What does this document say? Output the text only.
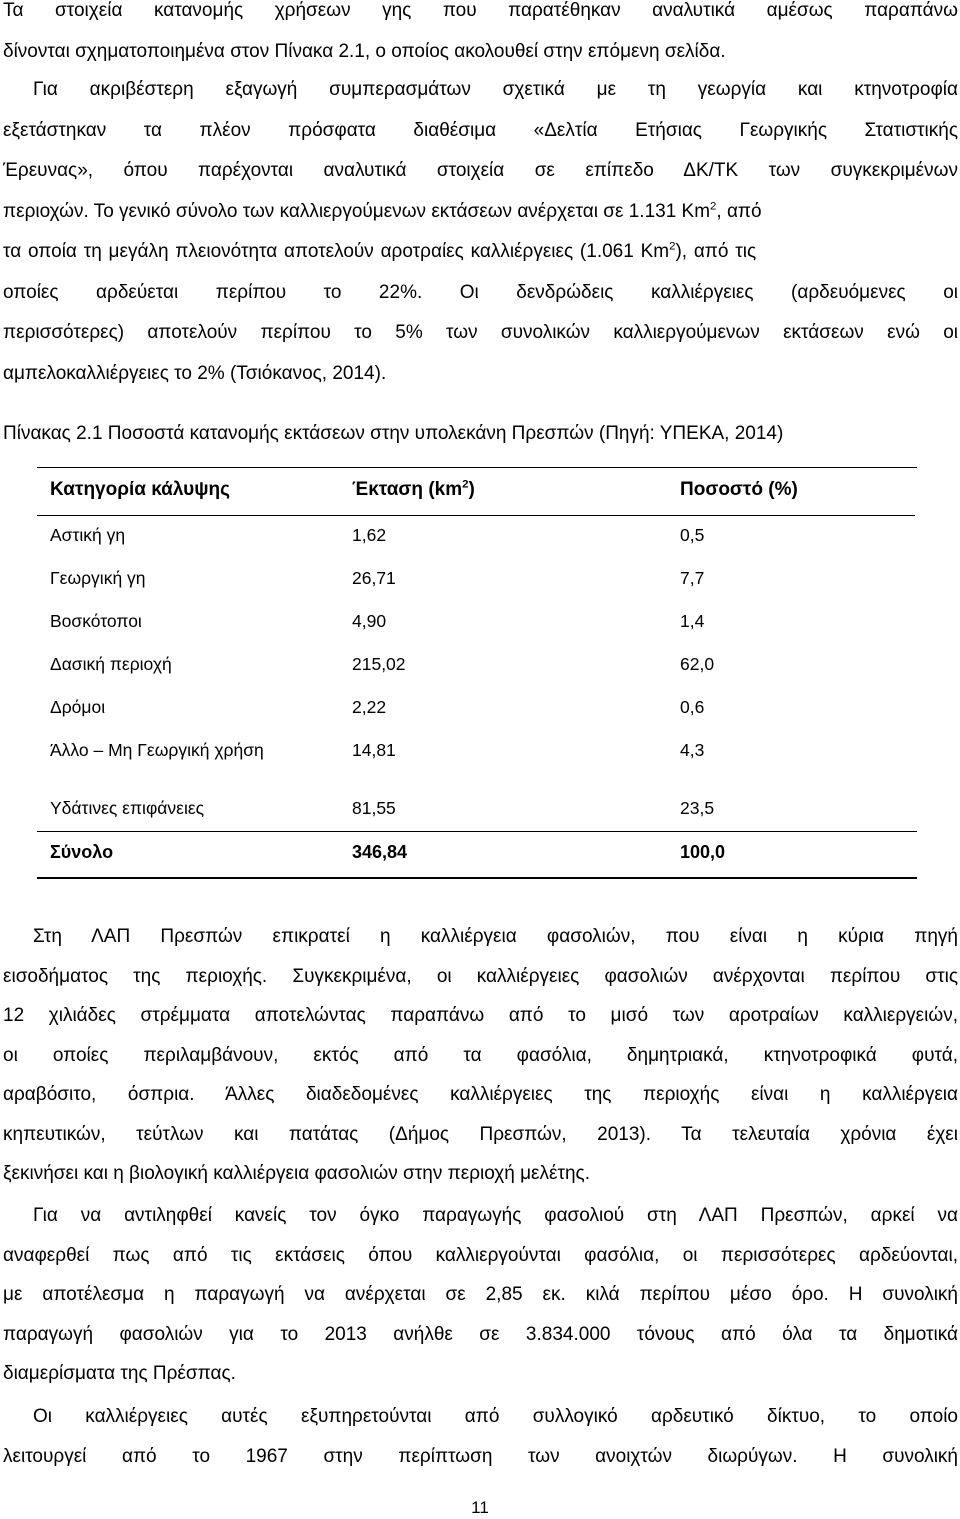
Τα στοιχεία κατανομής χρήσεων γης που παρατέθηκαν αναλυτικά αμέσως παραπάνω
δίνονται σχηματοποιημένα στον Πίνακα 2.1, ο οποίος ακολουθεί στην επόμενη σελίδα.
Για ακριβέστερη εξαγωγή συμπερασμάτων σχετικά με τη γεωργία και κτηνοτροφία
εξετάστηκαν τα πλέον πρόσφατα διαθέσιμα «Δελτία Ετήσιας Γεωργικής Στατιστικής
Έρευνας», όπου παρέχονται αναλυτικά στοιχεία σε επίπεδο ΔΚ/ΤΚ των συγκεκριμένων
περιοχών. Το γενικό σύνολο των καλλιεργούμενων εκτάσεων ανέρχεται σε 1.131 Km$^2$, από
τα οποία τη μεγάλη πλειονότητα αποτελούν αροτραίες καλλιέργειες (1.061 Km$^2$), από τις
οποίες αρδεύεται περίπου το 22%. Οι δενδρώδεις καλλιέργειες (αρδευόμενες οι
περισσότερες) αποτελούν περίπου το 5% των συνολικών καλλιεργούμενων εκτάσεων ενώ οι
αμπελοκαλλιέργειες το 2% (Τσιόκανος, 2014).
Πίνακας 2.1 Ποσοστά κατανομής εκτάσεων στην υπολεκάνη Πρεσπών (Πηγή: ΥΠΕΚΑ, 2014)
Κατηγορία κάλυψης	Έκταση $(km^2)$	Ποσοστό (%)
Αστική γη	1,62	0,5
Γεωργική γη	26,71	7,7
Βοσκότοποι	4,90	1,4
Δασική περιοχή	215,02	62,0
Δρόμοι	2,22	0,6
Άλλο – Μη Γεωργική χρήση	14,81	4,3
Υδάτινες επιφάνειες	81,55	23,5
Σύνολο	346,84	100,0
Στη ΛΑΠ Πρεσπών επικρατεί η καλλιέργεια φασολιών, που είναι η κύρια πηγή
εισοδήματος της περιοχής. Συγκεκριμένα, οι καλλιέργειες φασολιών ανέρχονται περίπου στις
12 χιλιάδες στρέμματα αποτελώντας παραπάνω από το μισό των αροτραίων καλλιεργειών,
οι οποίες περιλαμβάνουν, εκτός από τα φασόλια, δημητριακά, κτηνοτροφικά φυτά,
αραβόσιτο, όσπρια. Άλλες διαδεδομένες καλλιέργειες της περιοχής είναι η καλλιέργεια
κηπευτικών, τεύτλων και πατάτας (Δήμος Πρεσπών, 2013). Τα τελευταία χρόνια έχει
ξεκινήσει και η βιολογική καλλιέργεια φασολιών στην περιοχή μελέτης.
Για να αντιληφθεί κανείς τον όγκο παραγωγής φασολιού στη ΛΑΠ Πρεσπών, αρκεί να
αναφερθεί πως από τις εκτάσεις όπου καλλιεργούνται φασόλια, οι περισσότερες αρδεύονται,
με αποτέλεσμα η παραγωγή να ανέρχεται σε 2,85 εκ. κιλά περίπου μέσο όρο. Η συνολική
παραγωγή φασολιών για το 2013 ανήλθε σε 3.834.000 τόνους από όλα τα δημοτικά
διαμερίσματα της Πρέσπας.
Οι καλλιέργειες αυτές εξυπηρετούνται από συλλογικό αρδευτικό δίκτυο, το οποίο
λειτουργεί από το 1967 στην περίπτωση των ανοιχτών διωρύγων. Η συνολική
11
